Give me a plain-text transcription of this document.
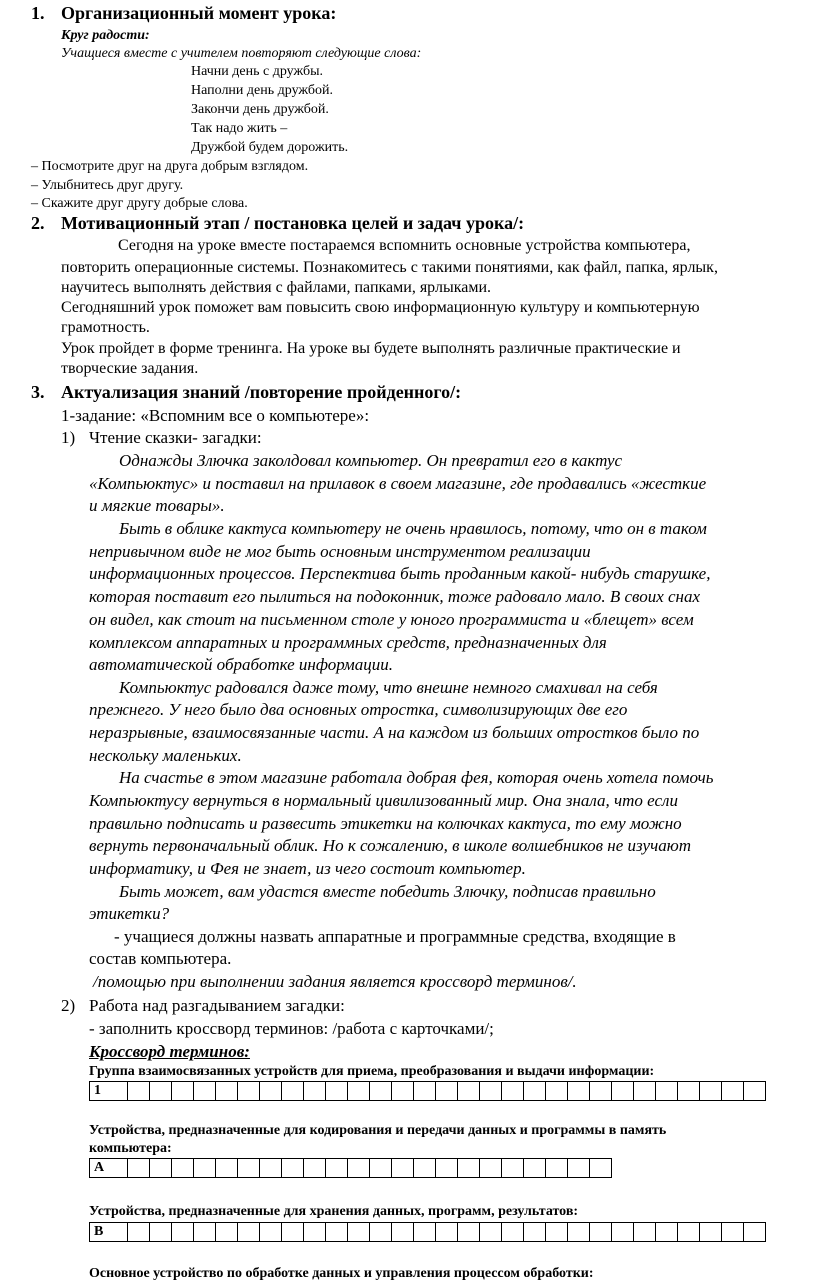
1. Организационный момент урока:
Круг радости:
Учащиеся вместе с учителем повторяют следующие слова:
Начни день с дружбы.
Наполни день дружбой.
Закончи день дружбой.
Так надо жить –
Дружбой будем дорожить.
– Посмотрите друг на друга добрым взглядом.
– Улыбнитесь друг другу.
– Скажите друг другу добрые слова.
2. Мотивационный этап / постановка целей и задач урока/:
Сегодня на уроке вместе постараемся вспомнить основные устройства компьютера,
повторить операционные системы. Познакомитесь с такими понятиями, как файл, папка, ярлык,
научитесь выполнять действия с файлами, папками, ярлыками.
Сегодняшний урок поможет вам повысить свою информационную культуру и компьютерную
грамотность.
Урок пройдет в форме тренинга. На уроке вы будете выполнять различные практические и
творческие задания.
3. Актуализация знаний /повторение пройденного/:
1-задание: «Вспомним все о компьютере»:
1) Чтение сказки- загадки:
Однажды Злючка заколдовал компьютер. Он превратил его в кактус
«Компьюктус» и поставил на прилавок в своем магазине, где продавались «жесткие
и мягкие товары».
Быть в облике кактуса компьютеру не очень нравилось, потому, что он в таком
непривычном виде не мог быть основным инструментом реализации
информационных процессов. Перспектива быть проданным какой- нибудь старушке,
которая поставит его пылиться на подоконник, тоже радовало мало. В своих снах
он видел, как стоит на письменном столе у юного программиста и «блещет» всем
комплексом аппаратных и программных средств, предназначенных для
автоматической обработке информации.
Компьюктус радовался даже тому, что внешне немного смахивал на себя
прежнего. У него было два основных отростка, символизирующих две его
неразрывные, взаимосвязанные части. А на каждом из больших отростков было по
нескольку маленьких.
На счастье в этом магазине работала добрая фея, которая очень хотела помочь
Компьюктусу вернуться в нормальный цивилизованный мир. Она знала, что если
правильно подписать и развесить этикетки на колючках кактуса, то ему можно
вернуть первоначальный облик. Но к сожалению, в школе волшебников не изучают
информатику, и Фея не знает, из чего состоит компьютер.
Быть может, вам удастся вместе победить Злючку, подписав правильно
этикетки?
- учащиеся должны назвать аппаратные и программные средства, входящие в
состав компьютера.
/помощью при выполнении задания является кроссворд терминов/.
2) Работа над разгадыванием загадки:
- заполнить кроссворд терминов: /работа с карточками/;
Кроссворд терминов:
Группа взаимосвязанных устройств для приема, преобразования и выдачи информации:
1																													
Устройства, предназначенные для кодирования и передачи данных и программы в память
компьютера:
А																						
Устройства, предназначенные для хранения данных, программ, результатов:
В																													
Основное устройство по обработке данных и управления процессом обработки:
